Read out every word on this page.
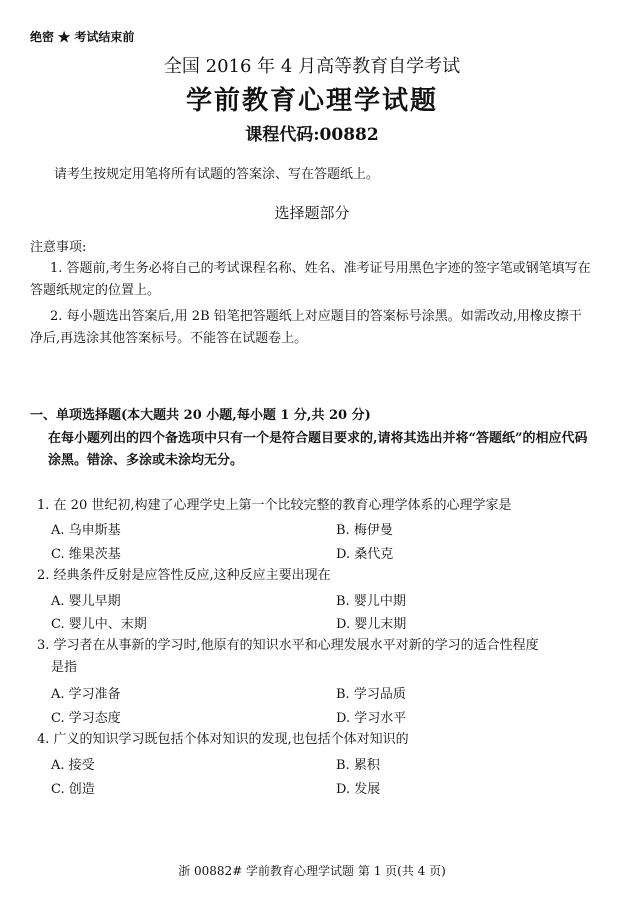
绝密 ★ 考试结束前
全国 2016 年 4 月高等教育自学考试
学前教育心理学试题
课程代码:00882
请考生按规定用笔将所有试题的答案涂、写在答题纸上。
选择题部分
注意事项:
1. 答题前,考生务必将自己的考试课程名称、姓名、准考证号用黑色字迹的签字笔或钢笔填写在答题纸规定的位置上。
2. 每小题选出答案后,用 2B 铅笔把答题纸上对应题目的答案标号涂黑。如需改动,用橡皮擦干净后,再选涂其他答案标号。不能答在试题卷上。
一、单项选择题(本大题共 20 小题,每小题 1 分,共 20 分)
在每小题列出的四个备选项中只有一个是符合题目要求的,请将其选出并将“答题纸”的相应代码涂黑。错涂、多涂或未涂均无分。
1. 在 20 世纪初,构建了心理学史上第一个比较完整的教育心理学体系的心理学家是
A. 乌申斯基	B. 梅伊曼
C. 维果茨基	D. 桑代克
2. 经典条件反射是应答性反应,这种反应主要出现在
A. 婴儿早期	B. 婴儿中期
C. 婴儿中、末期	D. 婴儿末期
3. 学习者在从事新的学习时,他原有的知识水平和心理发展水平对新的学习的适合性程度
是指
A. 学习准备	B. 学习品质
C. 学习态度	D. 学习水平
4. 广义的知识学习既包括个体对知识的发现,也包括个体对知识的
A. 接受	B. 累积
C. 创造	D. 发展
浙 00882# 学前教育心理学试题 第 1 页(共 4 页)
